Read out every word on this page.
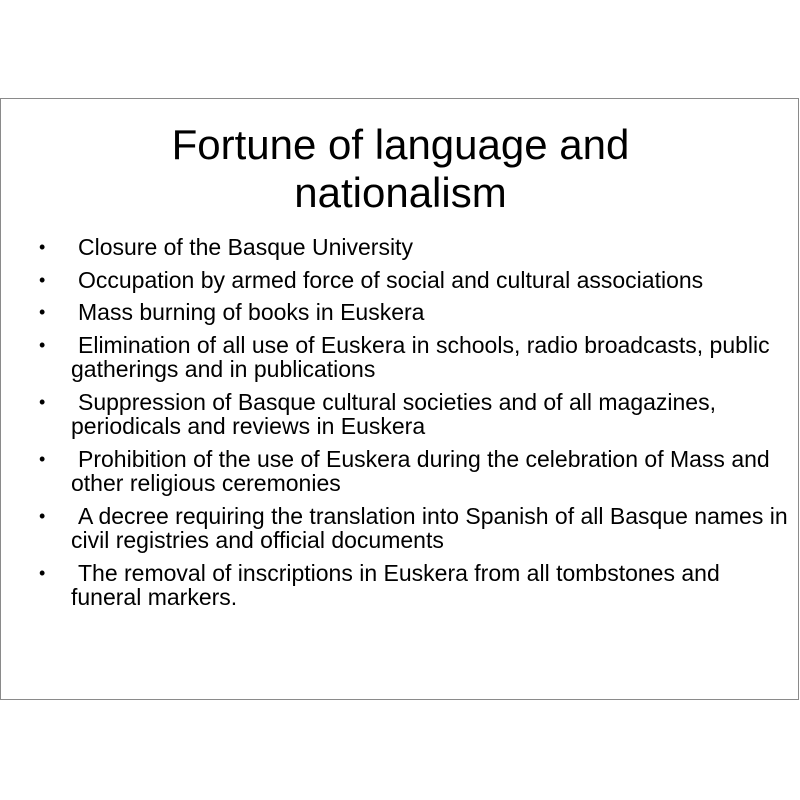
Fortune of language and
nationalism
•	Closure of the Basque University
•	Occupation by armed force of social and cultural associations
•	Mass burning of books in Euskera
•	Elimination of all use of Euskera in schools, radio broadcasts, public gatherings and in publications
•	Suppression of Basque cultural societies and of all magazines, periodicals and reviews in Euskera
•	Prohibition of the use of Euskera during the celebration of Mass and other religious ceremonies
•	A decree requiring the translation into Spanish of all Basque names in civil registries and official documents
•	The removal of inscriptions in Euskera from all tombstones and funeral markers.
